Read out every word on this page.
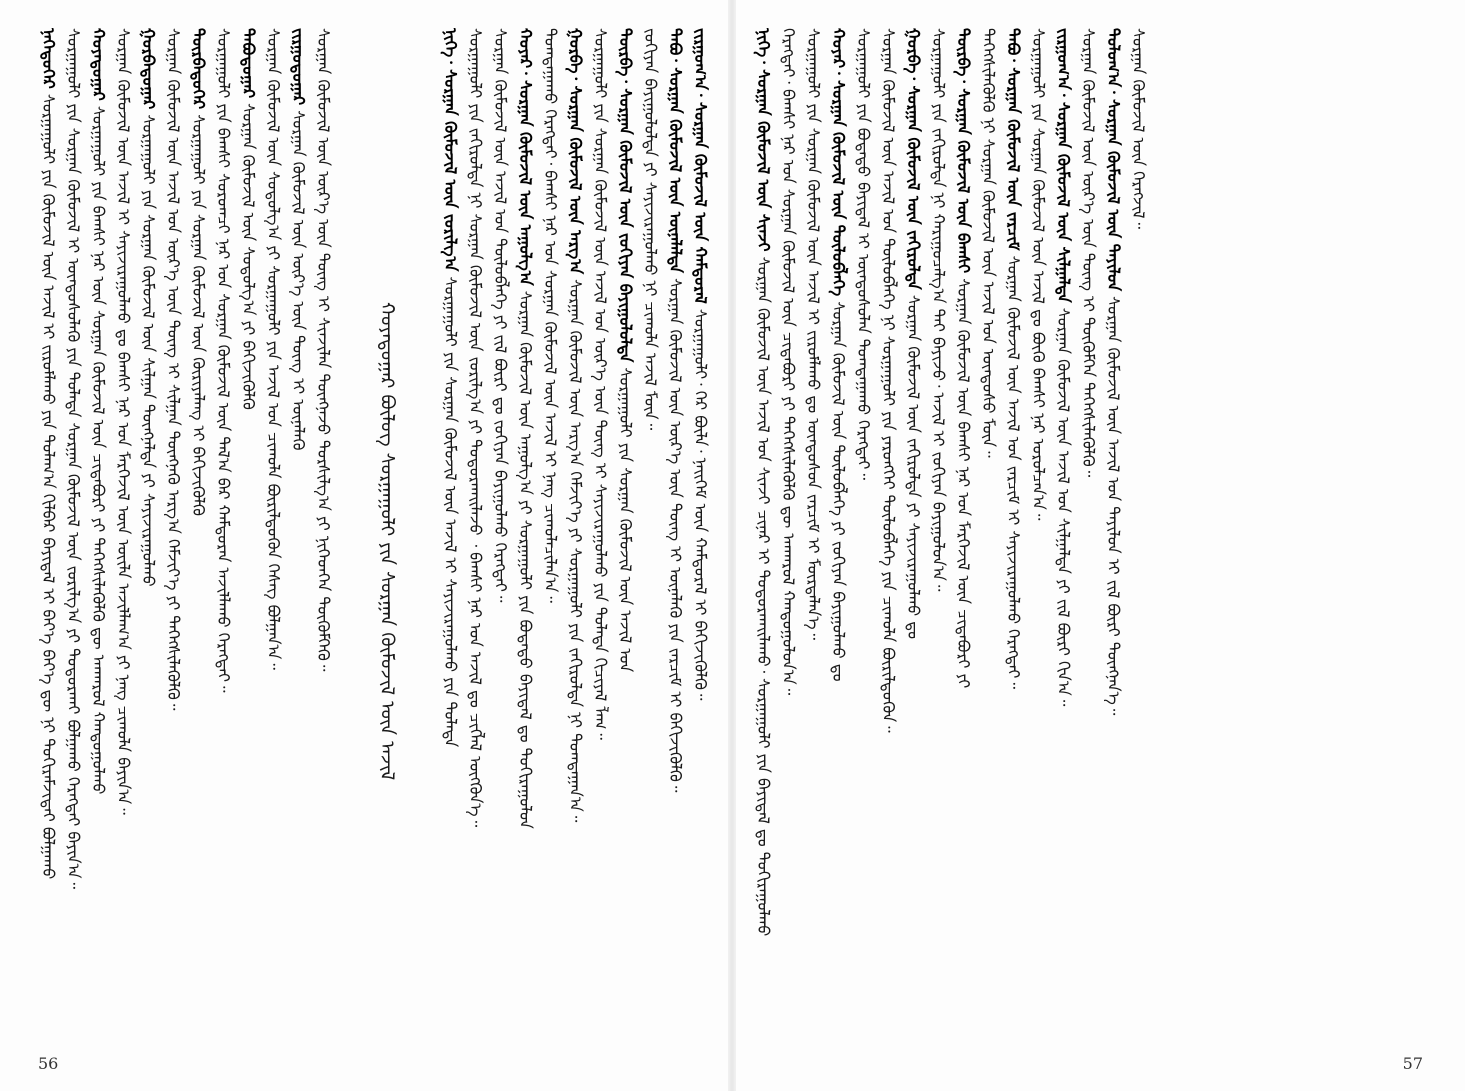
ᠨᠡᠭᠡᠳᠦᠭᠡᠷ ᠰᠤᠷᠭᠠᠭᠤᠯᠢ ᠶᠢᠨ ᠬᠦᠮᠦᠵᠢᠯ ᠦᠨ ᠠᠵᠢᠯ ᠢ ᠵᠢᠷᠤᠮᠯᠠᠬᠤ ᠶᠢᠨ ᠲᠤᠯᠠᠭ᠎ᠠ ᠬᠢᠯᠪᠡᠷ ᠪᠠᠶᠢᠳᠠᠯ ᠢ ᠪᠡᠶ᠎ᠡ ᠪᠡᠶ᠎ᠡ ᠳᠦ ᠨᠢ ᠳᠤᠬᠢᠷᠠᠮᠵᠢᠳᠠᠢ ᠪᠣᠯᠭᠠᠬᠤ ᠰᠤᠷᠭᠠᠭᠤᠯᠢ ᠶᠢᠨ ᠰᠤᠷᠭᠠᠨ ᠬᠦᠮᠦᠵᠢᠯ ᠢ ᠦᠨᠳᠦᠰᠦᠯᠡᠬᠦ ᠶᠢᠨ ᠲᠤᠯᠠᠳᠠ ᠰᠤᠷᠭᠠᠨ ᠬᠦᠮᠦᠵᠢᠯ ᠦᠨ ᠵᠣᠷᠢᠯᠭ᠎ᠠ ᠶᠢ ᠲᠣᠳᠣᠷᠬᠠᠢ ᠪᠣᠯᠭᠠᠬᠤ ᠬᠡᠷᠡᠭᠲᠡᠢ ᠪᠠᠶᠢᠨ᠎ᠠ᠃ ᠬᠣᠶᠠᠳᠤᠭᠠᠷ ᠰᠤᠷᠭᠠᠭᠤᠯᠢ ᠶᠢᠨ ᠪᠠᠭᠰᠢ ᠨᠠᠷ ᠦᠨ ᠰᠤᠷᠭᠠᠨ ᠬᠦᠮᠦᠵᠢᠯ ᠦᠨ ᠴᠢᠳᠠᠪᠤᠷᠢ ᠶᠢ ᠳᠡᠭᠡᠭᠰᠢᠯᠡᠭᠦᠯᠬᠦ ᠳᠦ ᠠᠨᠬᠠᠷᠤᠯ ᠬᠠᠨᠳᠤᠭᠤᠯᠬᠤ ᠰᠤᠷᠭᠠᠨ ᠬᠦᠮᠦᠵᠢᠯ ᠦᠨ ᠠᠵᠢᠯ ᠢ ᠰᠠᠶᠢᠵᠢᠷᠠᠭᠤᠯᠬᠤ ᠳᠤ ᠪᠠᠭᠰᠢ ᠨᠠᠷ ᠤᠨ ᠮᠡᠷᠭᠡᠵᠢᠯ ᠦᠨ ᠦᠢᠯᠡ ᠠᠵᠢᠯᠯᠠᠭ᠎ᠠ ᠶᠢ ᠨᠡᠩ ᠴᠢᠬᠤᠯᠠ ᠪᠠᠶᠢᠨ᠎ᠠ᠃ ᠭᠤᠷᠪᠠᠳᠤᠭᠠᠷ ᠰᠤᠷᠭᠠᠭᠤᠯᠢ ᠶᠢᠨ ᠰᠤᠷᠭᠠᠨ ᠬᠦᠮᠦᠵᠢᠯ ᠦᠨ ᠰᠢᠯᠭᠠᠨ ᠳᠦᠩᠨᠡᠯᠲᠡ ᠶᠢ ᠰᠠᠶᠢᠵᠢᠷᠠᠭᠤᠯᠬᠤ ᠰᠤᠷᠭᠠᠨ ᠬᠦᠮᠦᠵᠢᠯ ᠦᠨ ᠠᠵᠢᠯ ᠤᠨ ᠦᠷ᠎ᠡ ᠦᠨ ᠳᠦᠩ ᠢ ᠰᠢᠯᠭᠠᠨ ᠳᠦᠩᠨᠡᠬᠦ ᠠᠷᠭ᠎ᠠ ᠬᠡᠮᠵᠢᠶ᠎ᠡ ᠶᠢ ᠳᠡᠭᠡᠭᠰᠢᠯᠡᠭᠦᠯᠬᠦ᠃ ᠳᠥᠷᠪᠡᠳᠦᠭᠡᠷ ᠰᠤᠷᠭᠠᠭᠤᠯᠢ ᠶᠢᠨ ᠰᠤᠷᠭᠠᠨ ᠬᠦᠮᠦᠵᠢᠯ ᠦᠨ ᠬᠦᠷᠢᠶᠡᠯᠡᠩ ᠢ ᠪᠡᠬᠢᠵᠢᠭᠦᠯᠬᠦ ᠰᠤᠷᠭᠠᠭᠤᠯᠢ ᠶᠢᠨ ᠪᠠᠭᠰᠢ ᠰᠤᠷᠤᠭᠴᠢ ᠨᠠᠷ ᠤᠨ ᠰᠤᠷᠭᠠᠨ ᠬᠦᠮᠦᠵᠢᠯ ᠦᠨ ᠲᠠᠯ᠎ᠠ ᠪᠠᠷ ᠬᠠᠮᠲᠤᠷᠠᠨ ᠠᠵᠢᠯᠯᠠᠬᠤ ᠬᠡᠷᠡᠭᠲᠡᠢ᠃ ᠲᠠᠪᠤᠳᠤᠭᠠᠷ ᠰᠤᠷᠭᠠᠨ ᠬᠦᠮᠦᠵᠢᠯ ᠦᠨ ᠰᠤᠳᠤᠯᠭ᠎ᠠ ᠶᠢ ᠪᠡᠬᠢᠵᠢᠭᠦᠯᠬᠦ ᠰᠤᠷᠭᠠᠨ ᠬᠦᠮᠦᠵᠢᠯ ᠦᠨ ᠰᠤᠳᠤᠯᠭ᠎ᠠ ᠶᠢ ᠰᠤᠷᠭᠠᠭᠤᠯᠢ ᠶᠢᠨ ᠠᠵᠢᠯ ᠤᠨ ᠴᠢᠬᠤᠯᠠ ᠪᠦᠷᠢᠯᠳᠦᠬᠦᠨ ᠬᠡᠰᠡᠭ ᠪᠣᠯᠭᠠᠨ᠎ᠠ᠃ ᠵᠢᠷᠭᠤᠳᠤᠭᠠᠷ ᠰᠤᠷᠭᠠᠨ ᠬᠦᠮᠦᠵᠢᠯ ᠦᠨ ᠦᠷ᠎ᠡ ᠦᠨ ᠳᠦᠩ ᠢ ᠦᠨᠡᠯᠡᠬᠦ ᠰᠤᠷᠭᠠᠨ ᠬᠦᠮᠦᠵᠢᠯ ᠦᠨ ᠦᠷ᠎ᠡ ᠦᠨ ᠳᠦᠩ ᠢ ᠰᠢᠨᠵᠢᠯᠡᠨ ᠳᠦᠩᠨᠡᠵᠦ ᠲᠤᠷᠰᠢᠯᠭ᠎ᠠ ᠶᠢ ᠨᠢᠭᠡᠳᠬᠡᠨ ᠳᠦᠭᠦᠮᠬᠡᠬᠦ᠃ ᠬᠣᠶᠠᠳᠤᠭᠠᠷ ᠪᠦᠯᠦᠭ ᠰᠤᠷᠭᠠᠭᠤᠯᠢ ᠶᠢᠨ ᠰᠤᠷᠭᠠᠨ ᠬᠦᠮᠦᠵᠢᠯ ᠦᠨ ᠠᠵᠢᠯ
ᠨᠢᠭᠡ᠂ ᠰᠤᠷᠭᠠᠨ ᠬᠦᠮᠦᠵᠢᠯ ᠦᠨ ᠵᠣᠷᠢᠯᠭ᠎ᠠ ᠰᠤᠷᠭᠠᠭᠤᠯᠢ ᠶᠢᠨ ᠰᠤᠷᠭᠠᠨ ᠬᠦᠮᠦᠵᠢᠯ ᠦᠨ ᠠᠵᠢᠯ ᠢ ᠰᠠᠶᠢᠵᠢᠷᠠᠭᠤᠯᠬᠤ ᠶᠢᠨ ᠲᠤᠯᠠᠳᠠ ᠰᠤᠷᠭᠠᠭᠤᠯᠢ ᠶᠢᠨ ᠵᠠᠬᠢᠷᠤᠯᠲᠠ ᠨᠢ ᠰᠤᠷᠭᠠᠨ ᠬᠦᠮᠦᠵᠢᠯ ᠦᠨ ᠵᠣᠷᠢᠯᠭ᠎ᠠ ᠶᠢ ᠲᠣᠳᠣᠷᠬᠠᠢᠯᠠᠵᠤ ᠂ ᠪᠠᠭᠰᠢ ᠨᠠᠷ ᠤᠨ ᠠᠵᠢᠯ ᠳᠤ ᠴᠢᠭᠯᠡᠯ ᠥᠭᠭᠦᠨ᠎ᠡ᠃ ᠰᠤᠷᠭᠠᠨ ᠬᠦᠮᠦᠵᠢᠯ ᠦᠨ ᠠᠵᠢᠯ ᠤᠨ ᠲᠥᠯᠥᠪᠯᠡᠭᠡ ᠶᠢ ᠵᠢᠯ ᠪᠦᠷᠢ ᠳᠤ ᠵᠣᠬᠢᠶᠠᠨ ᠪᠠᠶᠢᠭᠤᠯᠬᠤ ᠬᠡᠷᠡᠭᠲᠡᠢ᠃ ᠬᠣᠶᠠᠷ᠂ ᠰᠤᠷᠭᠠᠨ ᠬᠦᠮᠦᠵᠢᠯ ᠦᠨ ᠠᠭᠤᠯᠭ᠎ᠠ ᠰᠤᠷᠭᠠᠨ ᠬᠦᠮᠦᠵᠢᠯ ᠦᠨ ᠠᠭᠤᠯᠭ᠎ᠠ ᠶᠢ ᠰᠤᠷᠭᠠᠭᠤᠯᠢ ᠶᠢᠨ ᠪᠣᠳᠠᠲᠤ ᠪᠠᠶᠢᠳᠠᠯ ᠳᠤ ᠲᠣᠬᠢᠷᠠᠭᠤᠯᠤᠨ ᠲᠣᠭᠲᠠᠭᠠᠬᠤ ᠬᠡᠷᠡᠭᠲᠡᠢ᠂ ᠪᠠᠭᠰᠢ ᠨᠠᠷ ᠤᠨ ᠰᠤᠷᠭᠠᠨ ᠬᠦᠮᠦᠵᠢᠯ ᠦᠨ ᠠᠵᠢᠯ ᠢ ᠨᠡᠩ ᠴᠢᠬᠤᠯᠠᠴᠢᠯᠠᠨ᠎ᠠ᠃ ᠭᠤᠷᠪᠠ᠂ ᠰᠤᠷᠭᠠᠨ ᠬᠦᠮᠦᠵᠢᠯ ᠦᠨ ᠠᠷᠭ᠎ᠠ ᠰᠤᠷᠭᠠᠨ ᠬᠦᠮᠦᠵᠢᠯ ᠦᠨ ᠠᠷᠭ᠎ᠠ ᠬᠡᠮᠵᠢᠶ᠎ᠡ ᠶᠢ ᠰᠤᠷᠭᠠᠭᠤᠯᠢ ᠶᠢᠨ ᠵᠠᠬᠢᠷᠤᠯᠲᠠ ᠨᠢ ᠲᠣᠭᠲᠠᠭᠠᠨ᠎ᠠ᠃ ᠰᠤᠷᠭᠠᠭᠤᠯᠢ ᠶᠢᠨ ᠰᠤᠷᠭᠠᠨ ᠬᠦᠮᠦᠵᠢᠯ ᠦᠨ ᠠᠵᠢᠯ ᠤᠨ ᠦᠷ᠎ᠡ ᠦᠨ ᠳᠦᠩ ᠢ ᠰᠠᠶᠢᠵᠢᠷᠠᠭᠤᠯᠬᠤ ᠶᠢᠨ ᠲᠤᠯᠠᠳᠠ ᠬᠢᠴᠢᠶᠡᠯ ᠯᠡᠬ᠃ ᠳᠥᠷᠪᠡ᠂ ᠰᠤᠷᠭᠠᠨ ᠬᠦᠮᠦᠵᠢᠯ ᠦᠨ ᠵᠣᠬᠢᠶᠠᠨ ᠪᠠᠶᠢᠭᠤᠯᠤᠯᠲᠠ ᠰᠤᠷᠭᠠᠭᠤᠯᠢ ᠶᠢᠨ ᠰᠤᠷᠭᠠᠨ ᠬᠦᠮᠦᠵᠢᠯ ᠦᠨ ᠠᠵᠢᠯ ᠤᠨ
ᠵᠣᠬᠢᠶᠠᠨ ᠪᠠᠶᠢᠭᠤᠯᠤᠯᠲᠠ ᠶᠢ ᠰᠠᠶᠢᠵᠢᠷᠠᠭᠤᠯᠬᠤ ᠨᠢ ᠴᠢᠬᠤᠯᠠ ᠠᠵᠢᠯ ᠮᠥᠨ᠃ ᠲᠠᠪᠤ᠂ ᠰᠤᠷᠭᠠᠨ ᠬᠦᠮᠦᠵᠢᠯ ᠦᠨ ᠦᠨᠡᠯᠡᠯᠲᠡ ᠰᠤᠷᠭᠠᠨ ᠬᠦᠮᠦᠵᠢᠯ ᠦᠨ ᠦᠷ᠎ᠡ ᠦᠨ ᠳᠦᠩ ᠢ ᠦᠨᠡᠯᠡᠬᠦ ᠶᠢᠨ ᠵᠠᠷᠴᠢᠮ ᠢ ᠪᠡᠬᠢᠵᠢᠭᠦᠯᠬᠦ᠃
ᠵᠢᠷᠭᠤᠭ᠎ᠠ᠂ ᠰᠤᠷᠭᠠᠨ ᠬᠦᠮᠦᠵᠢᠯ ᠦᠨ ᠬᠠᠮᠲᠤᠷᠠᠯ ᠰᠤᠷᠭᠠᠭᠤᠯᠢ᠂ ᠭᠡᠷ ᠪᠦᠯᠡ᠂ ᠨᠡᠢᠭᠡᠮ ᠦᠨ ᠬᠠᠮᠲᠤᠷᠠᠯ ᠢ ᠪᠡᠬᠢᠵᠢᠭᠦᠯᠬᠦ᠃
56
ᠨᠢᠭᠡ᠂ ᠰᠤᠷᠭᠠᠨ ᠬᠦᠮᠦᠵᠢᠯ ᠦᠨ ᠰᠢᠨᠵᠢ ᠰᠤᠷᠭᠠᠨ ᠬᠦᠮᠦᠵᠢᠯ ᠦᠨ ᠠᠵᠢᠯ ᠤᠨ ᠰᠢᠨᠵᠢ ᠴᠢᠨᠠᠷ ᠢ ᠲᠣᠳᠣᠷᠬᠠᠢᠯᠠᠬᠤ᠂ ᠰᠤᠷᠭᠠᠭᠤᠯᠢ ᠶᠢᠨ ᠪᠠᠶᠢᠳᠠᠯ ᠳᠤ ᠲᠣᠬᠢᠷᠠᠭᠤᠯᠬᠤ ᠬᠡᠷᠡᠭᠲᠡᠢ᠂ ᠪᠠᠭᠰᠢ ᠨᠠᠷ ᠤᠨ ᠰᠤᠷᠭᠠᠨ ᠬᠦᠮᠦᠵᠢᠯ ᠦᠨ ᠴᠢᠳᠠᠪᠤᠷᠢ ᠶᠢ ᠳᠡᠭᠡᠭᠰᠢᠯᠡᠭᠦᠯᠬᠦ ᠳᠦ ᠠᠨᠬᠠᠷᠤᠯ ᠬᠠᠨᠳᠤᠭᠤᠯᠤᠨ᠎ᠠ᠃ ᠰᠤᠷᠭᠠᠭᠤᠯᠢ ᠶᠢᠨ ᠰᠤᠷᠭᠠᠨ ᠬᠦᠮᠦᠵᠢᠯ ᠦᠨ ᠠᠵᠢᠯ ᠢ ᠵᠢᠷᠤᠮᠯᠠᠬᠤ ᠳᠤ ᠦᠨᠳᠦᠰᠦᠨ ᠵᠠᠷᠴᠢᠮ ᠢ ᠮᠦᠷᠳᠡᠯᠡᠨ᠎ᠡ᠃ ᠬᠣᠶᠠᠷ᠂ ᠰᠤᠷᠭᠠᠨ ᠬᠦᠮᠦᠵᠢᠯ ᠦᠨ ᠲᠥᠯᠥᠪᠯᠡᠭᠡ ᠰᠤᠷᠭᠠᠨ ᠬᠦᠮᠦᠵᠢᠯ ᠦᠨ ᠲᠥᠯᠥᠪᠯᠡᠭᠡ ᠶᠢ ᠵᠣᠬᠢᠶᠠᠨ ᠪᠠᠶᠢᠭᠤᠯᠬᠤ ᠳᠤ
ᠰᠤᠷᠭᠠᠭᠤᠯᠢ ᠶᠢᠨ ᠪᠣᠳᠠᠲᠤ ᠪᠠᠶᠢᠳᠠᠯ ᠢ ᠦᠨᠳᠦᠰᠦᠯᠡᠨ ᠲᠣᠭᠲᠠᠭᠠᠬᠤ ᠬᠡᠷᠡᠭᠲᠡᠢ᠃ ᠰᠤᠷᠭᠠᠨ ᠬᠦᠮᠦᠵᠢᠯ ᠦᠨ ᠠᠵᠢᠯ ᠤᠨ ᠲᠥᠯᠥᠪᠯᠡᠭᠡ ᠨᠢ ᠰᠤᠷᠭᠠᠭᠤᠯᠢ ᠶᠢᠨ ᠶᠡᠷᠦᠩᠬᠡᠢ ᠲᠥᠯᠥᠪᠯᠡᠭᠡ ᠶᠢᠨ ᠴᠢᠬᠤᠯᠠ ᠪᠦᠷᠢᠯᠳᠦᠬᠦᠨ᠃ ᠭᠤᠷᠪᠠ᠂ ᠰᠤᠷᠭᠠᠨ ᠬᠦᠮᠦᠵᠢᠯ ᠦᠨ ᠵᠠᠬᠢᠷᠤᠯᠲᠠ ᠰᠤᠷᠭᠠᠨ ᠬᠦᠮᠦᠵᠢᠯ ᠦᠨ ᠵᠠᠬᠢᠷᠤᠯᠲᠠ ᠶᠢ ᠰᠠᠶᠢᠵᠢᠷᠠᠭᠤᠯᠬᠤ ᠳᠤ ᠰᠤᠷᠭᠠᠭᠤᠯᠢ ᠶᠢᠨ ᠵᠠᠬᠢᠷᠤᠯᠲᠠ ᠨᠢ ᠬᠠᠷᠢᠭᠤᠴᠠᠯᠭ᠎ᠠ ᠲᠠᠢ ᠪᠠᠶᠢᠵᠤ᠂ ᠠᠵᠢᠯ ᠢ ᠵᠣᠬᠢᠶᠠᠨ ᠪᠠᠶᠢᠭᠤᠯᠤᠨ᠎ᠠ᠃ ᠳᠥᠷᠪᠡ᠂ ᠰᠤᠷᠭᠠᠨ ᠬᠦᠮᠦᠵᠢᠯ ᠦᠨ ᠪᠠᠭᠰᠢ ᠰᠤᠷᠭᠠᠨ ᠬᠦᠮᠦᠵᠢᠯ ᠦᠨ ᠪᠠᠭᠰᠢ ᠨᠠᠷ ᠤᠨ ᠮᠡᠷᠭᠡᠵᠢᠯ ᠦᠨ ᠴᠢᠳᠠᠪᠤᠷᠢ ᠶᠢ
ᠳᠡᠭᠡᠭᠰᠢᠯᠡᠭᠦᠯᠬᠦ ᠨᠢ ᠰᠤᠷᠭᠠᠨ ᠬᠦᠮᠦᠵᠢᠯ ᠦᠨ ᠠᠵᠢᠯ ᠤᠨ ᠦᠨᠳᠦᠰᠦ ᠮᠥᠨ᠃ ᠲᠠᠪᠤ᠂ ᠰᠤᠷᠭᠠᠨ ᠬᠦᠮᠦᠵᠢᠯ ᠦᠨ ᠵᠠᠷᠴᠢᠮ ᠰᠤᠷᠭᠠᠨ ᠬᠦᠮᠦᠵᠢᠯ ᠦᠨ ᠠᠵᠢᠯ ᠤᠨ ᠵᠠᠷᠴᠢᠮ ᠢ ᠰᠠᠶᠢᠵᠢᠷᠠᠭᠤᠯᠬᠤ ᠬᠡᠷᠡᠭᠲᠡᠢ᠃ ᠰᠤᠷᠭᠠᠭᠤᠯᠢ ᠶᠢᠨ ᠰᠤᠷᠭᠠᠨ ᠬᠦᠮᠦᠵᠢᠯ ᠦᠨ ᠠᠵᠢᠯ ᠳᠤ ᠪᠦᠬᠦ ᠪᠠᠭᠰᠢ ᠨᠠᠷ ᠣᠷᠤᠯᠴᠠᠨ᠎ᠠ᠃ ᠵᠢᠷᠭᠤᠭ᠎ᠠ᠂ ᠰᠤᠷᠭᠠᠨ ᠬᠦᠮᠦᠵᠢᠯ ᠦᠨ ᠰᠢᠯᠭᠠᠯᠲᠠ ᠰᠤᠷᠭᠠᠨ ᠬᠦᠮᠦᠵᠢᠯ ᠦᠨ ᠠᠵᠢᠯ ᠤᠨ ᠰᠢᠯᠭᠠᠯᠲᠠ ᠶᠢ ᠵᠢᠯ ᠪᠦᠷᠢ ᠬᠢᠨ᠎ᠠ᠃
ᠰᠤᠷᠭᠠᠨ ᠬᠦᠮᠦᠵᠢᠯ ᠦᠨ ᠦᠷ᠎ᠡ ᠦᠨ ᠳᠦᠩ ᠢ ᠳᠦᠭᠦᠮᠬᠡᠨ ᠳᠡᠭᠡᠭᠰᠢᠯᠡᠭᠦᠯᠬᠦ᠃ ᠳᠣᠯᠣᠭ᠎ᠠ᠂ ᠰᠤᠷᠭᠠᠨ ᠬᠦᠮᠦᠵᠢᠯ ᠦᠨ ᠲᠠᠶᠢᠯᠤᠨ ᠰᠤᠷᠭᠠᠨ ᠬᠦᠮᠦᠵᠢᠯ ᠦᠨ ᠠᠵᠢᠯ ᠤᠨ ᠲᠠᠶᠢᠯᠤᠨ ᠢ ᠵᠢᠯ ᠪᠦᠷᠢ ᠳᠦᠩᠨᠡᠨ᠎ᠡ᠃
ᠰᠤᠷᠭᠠᠨ ᠬᠦᠮᠦᠵᠢᠯ ᠦᠨ ᠬᠡᠷᠡᠭᠵᠢᠯ᠃
57
